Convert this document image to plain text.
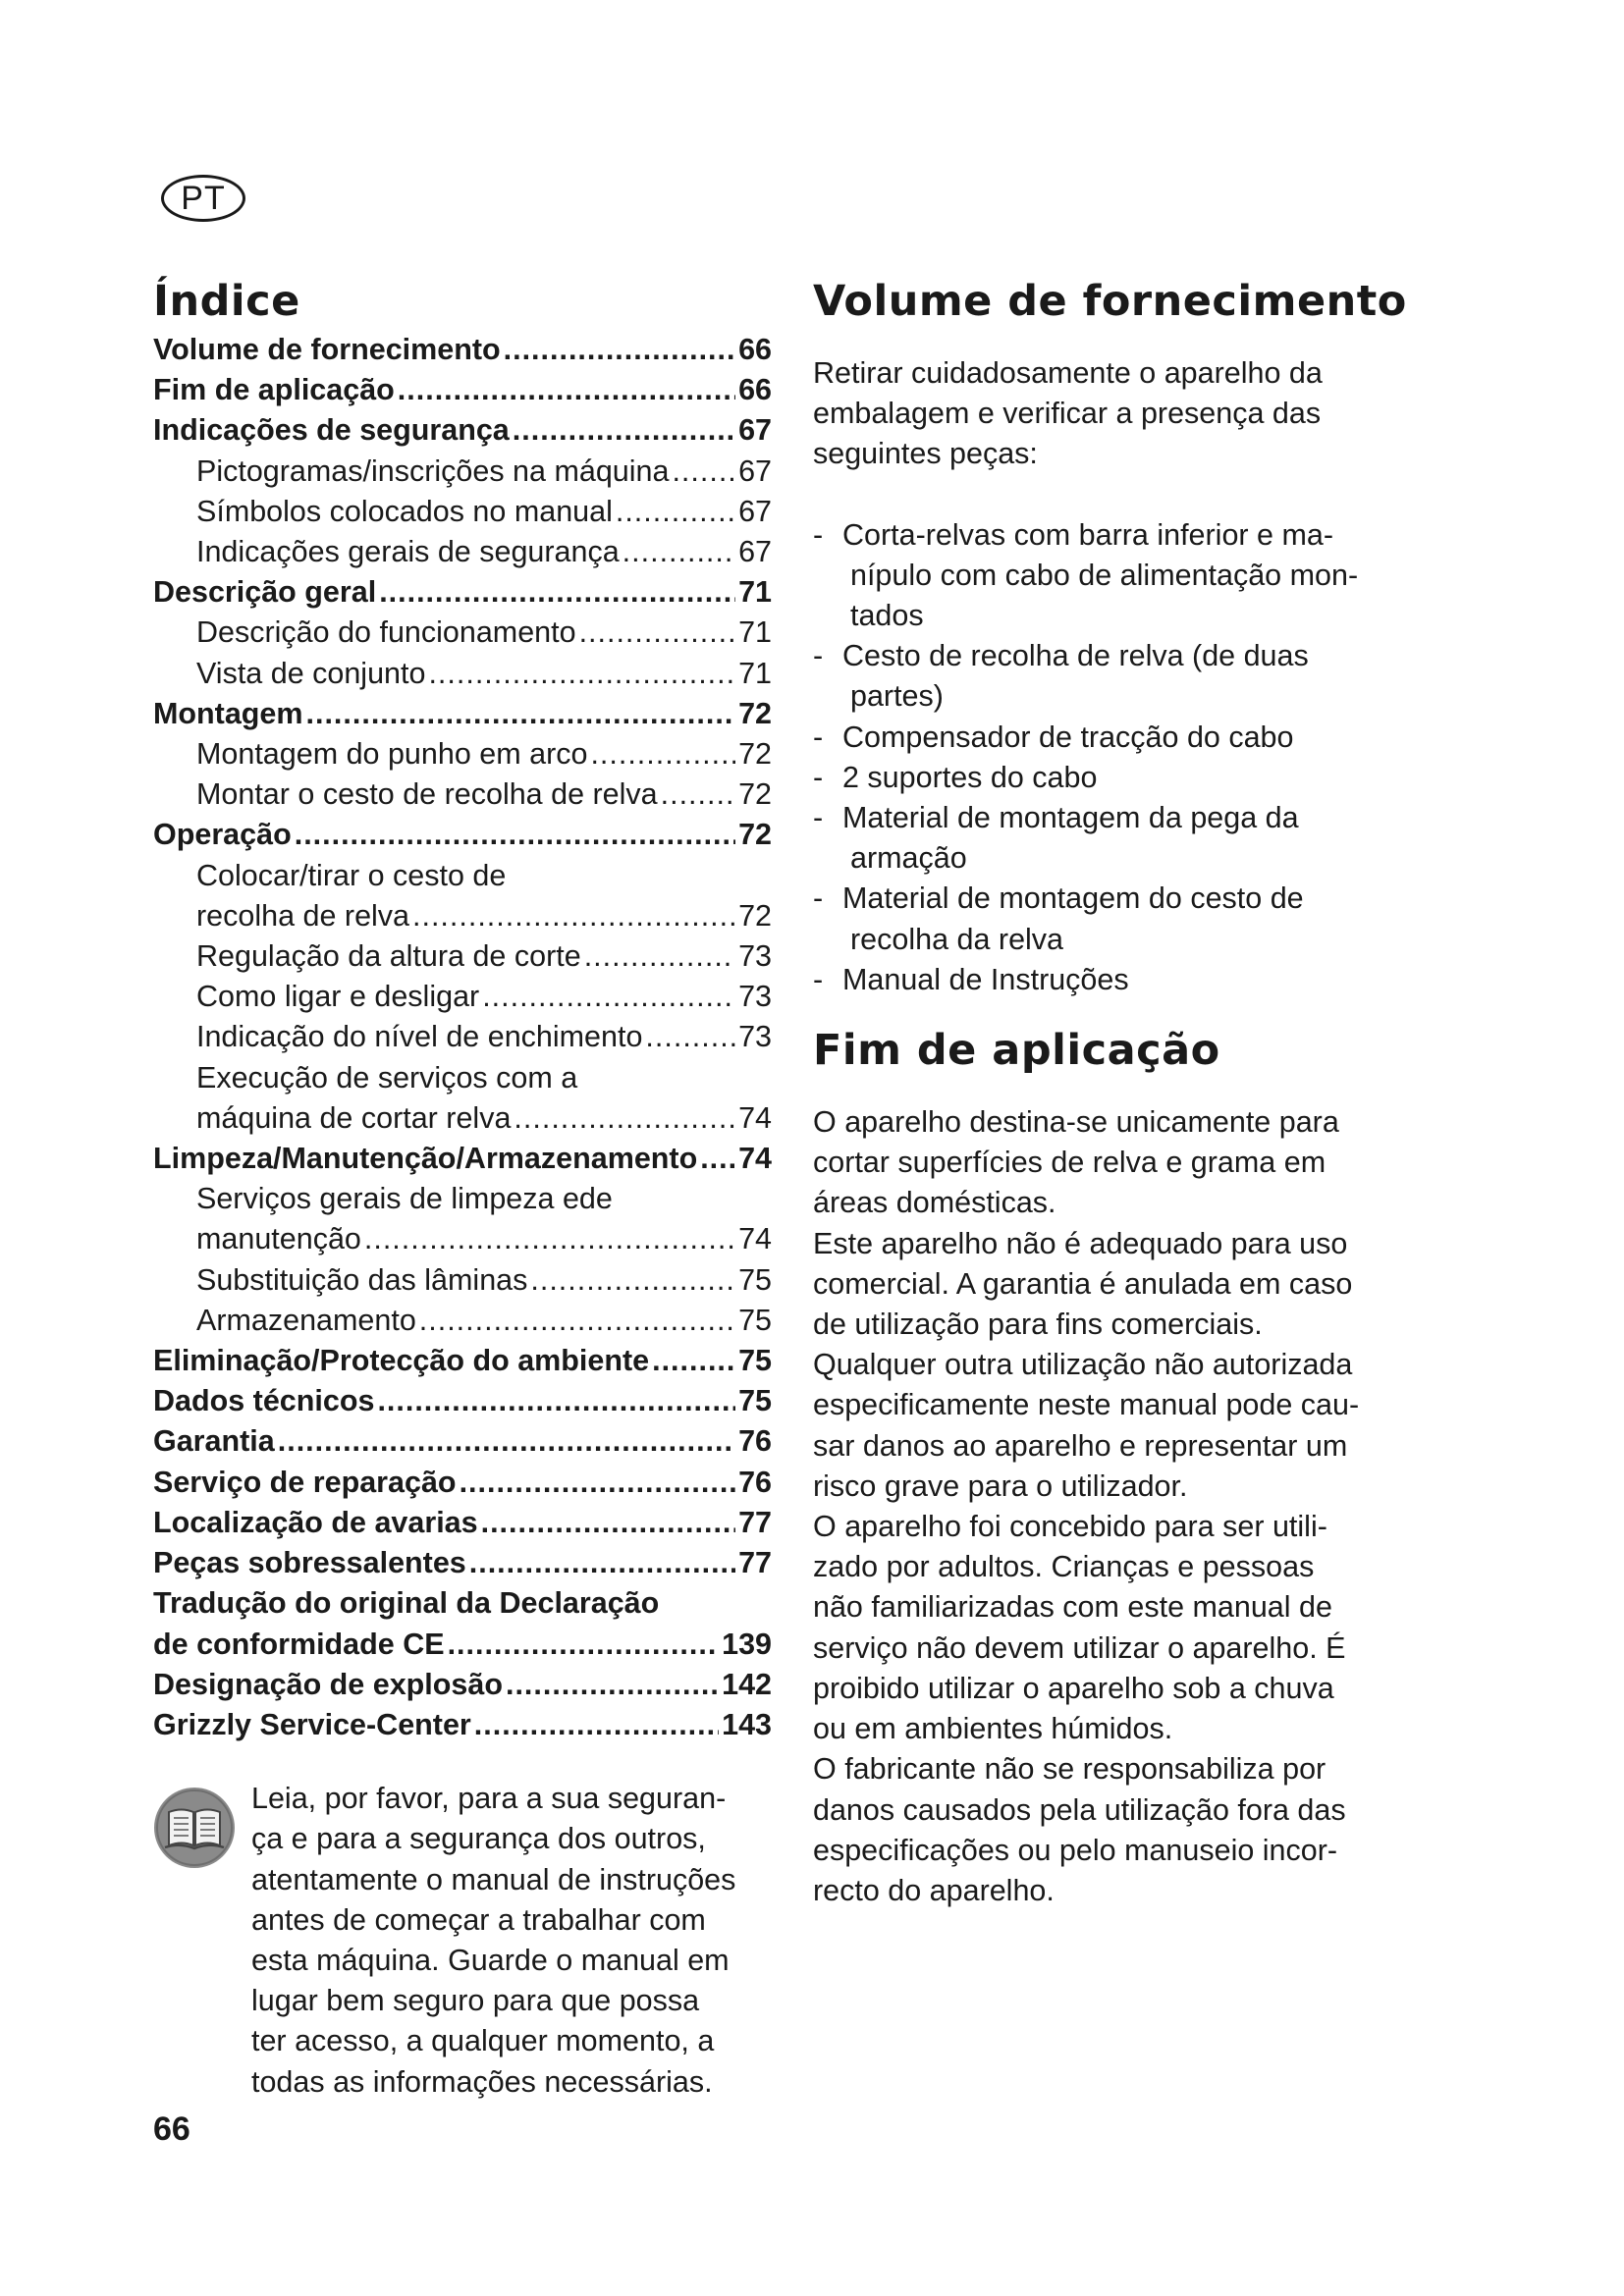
PT
Índice
Volume de fornecimento .....	66
Fim de aplicação .....	66
Indicações de segurança .....	67
Pictogramas/inscrições na máquina ..... 67
Símbolos colocados no manual .....	67
Indicações gerais de segurança .....	67
Descrição geral .....	71
Descrição do funcionamento .....	71
Vista de conjunto .....	71
Montagem .....	72
Montagem do punho em arco .....	72
Montar o cesto de recolha de relva .....	72
Operação .....	72
Colocar/tirar o cesto de
recolha de relva .....	72
Regulação da altura de corte .....	73
Como ligar e desligar .....	73
Indicação do nível de enchimento .....	73
Execução de serviços com a
máquina de cortar relva .....	74
Limpeza/Manutenção/Armazenamento ..... 74
Serviços gerais de limpeza ede
manutenção .....	74
Substituição das lâminas .....	75
Armazenamento .....	75
Eliminação/Protecção do ambiente .....	75
Dados técnicos .....	75
Garantia .....	76
Serviço de reparação .....	76
Localização de avarias .....	77
Peças sobressalentes .....	77
Tradução do original da Declaração
de conformidade CE .....	139
Designação de explosão .....	142
Grizzly Service-Center .....	143
Leia, por favor, para a sua seguran-
ça e para a segurança dos outros,
atentamente o manual de instruções
antes de começar a trabalhar com
esta máquina. Guarde o manual em
lugar bem seguro para que possa
ter acesso, a qualquer momento, a
todas as informações necessárias.
66
Volume de fornecimento
Retirar cuidadosamente o aparelho da
embalagem e verificar a presença das
seguintes peças:
- Corta-relvas com barra inferior e ma-
nípulo com cabo de alimentação mon-
tados
- Cesto de recolha de relva (de duas
partes)
- Compensador de tracção do cabo
- 2 suportes do cabo
- Material de montagem da pega da
armação
- Material de montagem do cesto de
recolha da relva
- Manual de Instruções
Fim de aplicação
O aparelho destina-se unicamente para
cortar superfícies de relva e grama em
áreas domésticas.
Este aparelho não é adequado para uso
comercial. A garantia é anulada em caso
de utilização para fins comerciais.
Qualquer outra utilização não autorizada
especificamente neste manual pode cau-
sar danos ao aparelho e representar um
risco grave para o utilizador.
O aparelho foi concebido para ser utili-
zado por adultos. Crianças e pessoas
não familiarizadas com este manual de
serviço não devem utilizar o aparelho. É
proibido utilizar o aparelho sob a chuva
ou em ambientes húmidos.
O fabricante não se responsabiliza por
danos causados pela utilização fora das
especificações ou pelo manuseio incor-
recto do aparelho.
